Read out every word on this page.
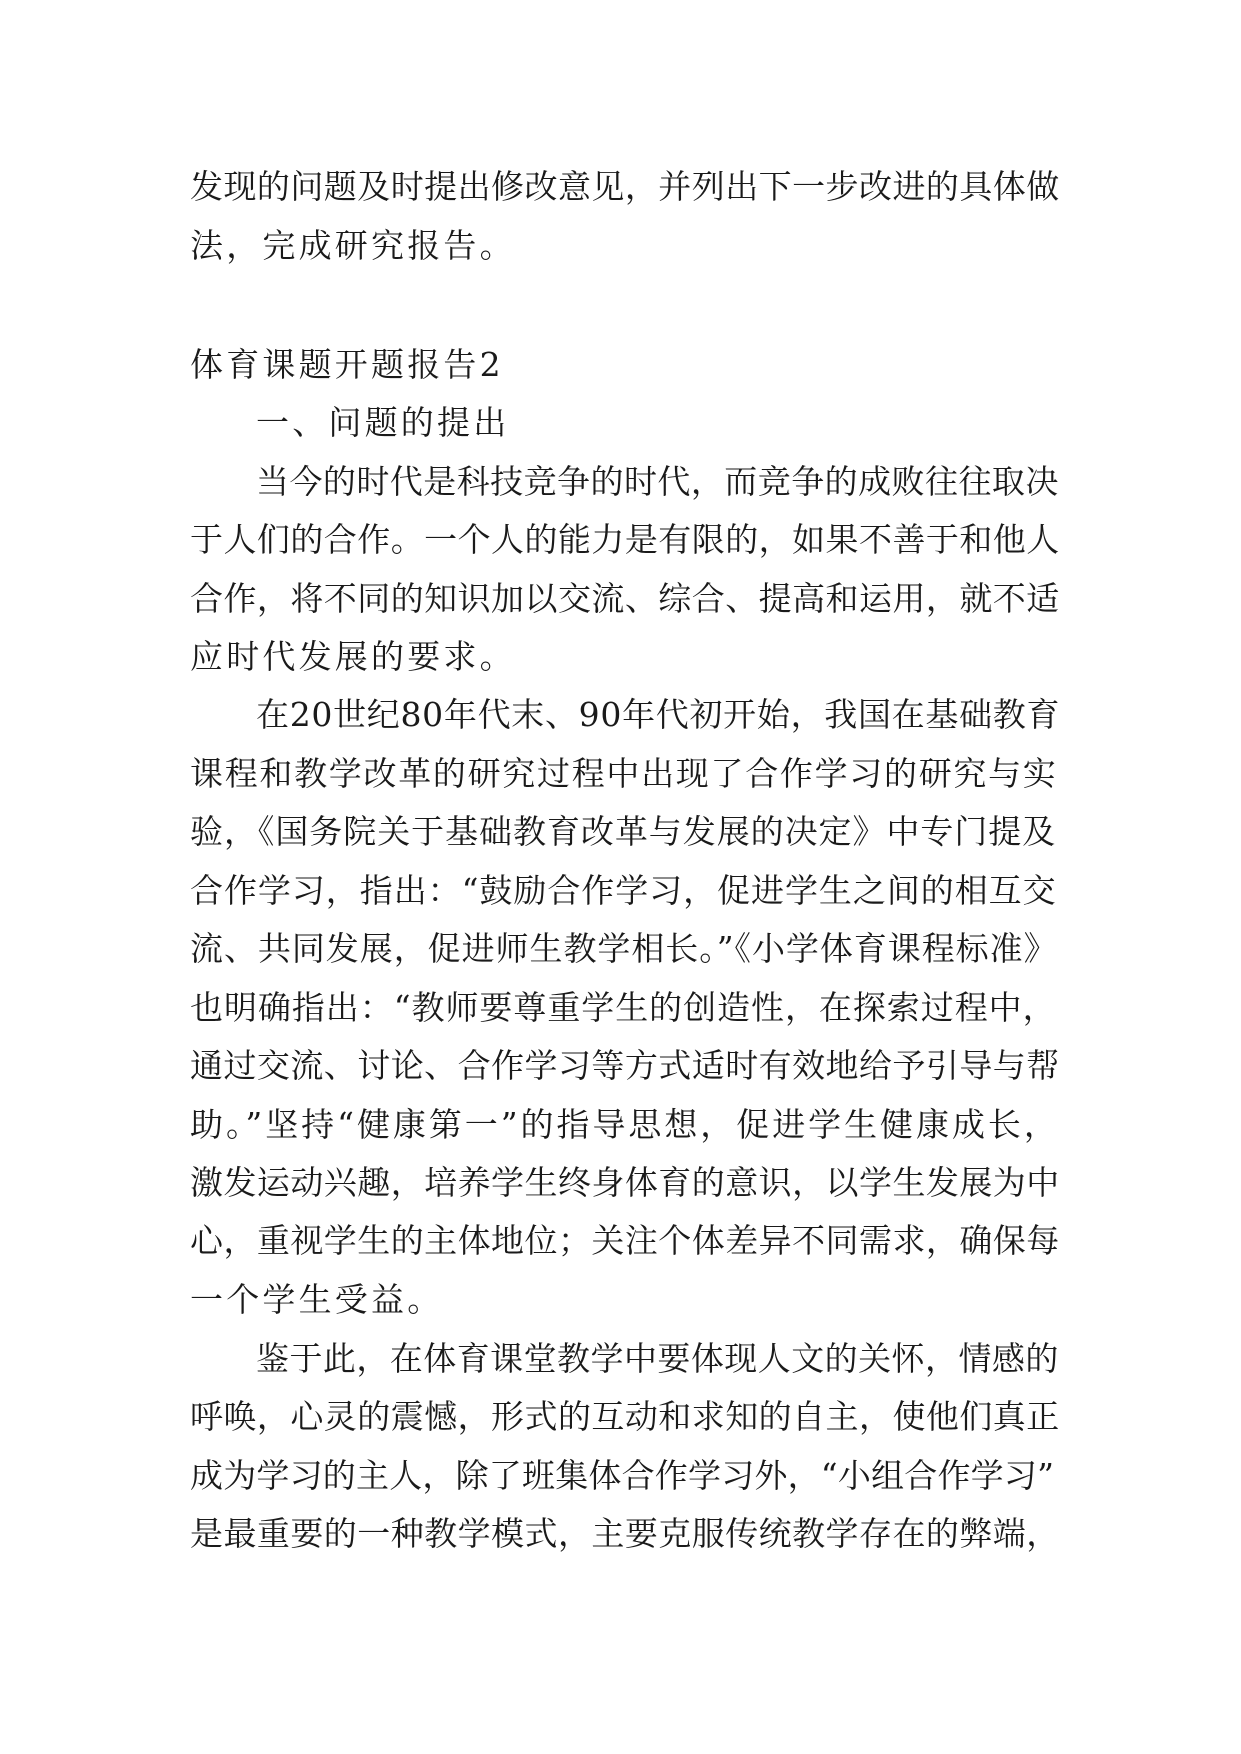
发现的问题及时提出修改意见，并列出下一步改进的具体做
法，完成研究报告。
体育课题开题报告2
一、问题的提出
当今的时代是科技竞争的时代，而竞争的成败往往取决
于人们的合作。一个人的能力是有限的，如果不善于和他人
合作，将不同的知识加以交流、综合、提高和运用，就不适
应时代发展的要求。
在20世纪80年代末、90年代初开始，我国在基础教育
课程和教学改革的研究过程中出现了合作学习的研究与实
验，《国务院关于基础教育改革与发展的决定》中专门提及
合作学习，指出：“鼓励合作学习，促进学生之间的相互交
流、共同发展，促进师生教学相长。”《小学体育课程标准》
也明确指出：“教师要尊重学生的创造性，在探索过程中，
通过交流、讨论、合作学习等方式适时有效地给予引导与帮
助。”坚持“健康第一”的指导思想，促进学生健康成长，
激发运动兴趣，培养学生终身体育的意识，以学生发展为中
心，重视学生的主体地位；关注个体差异不同需求，确保每
一个学生受益。
鉴于此，在体育课堂教学中要体现人文的关怀，情感的
呼唤，心灵的震憾，形式的互动和求知的自主，使他们真正
成为学习的主人，除了班集体合作学习外，“小组合作学习”
是最重要的一种教学模式，主要克服传统教学存在的弊端，
